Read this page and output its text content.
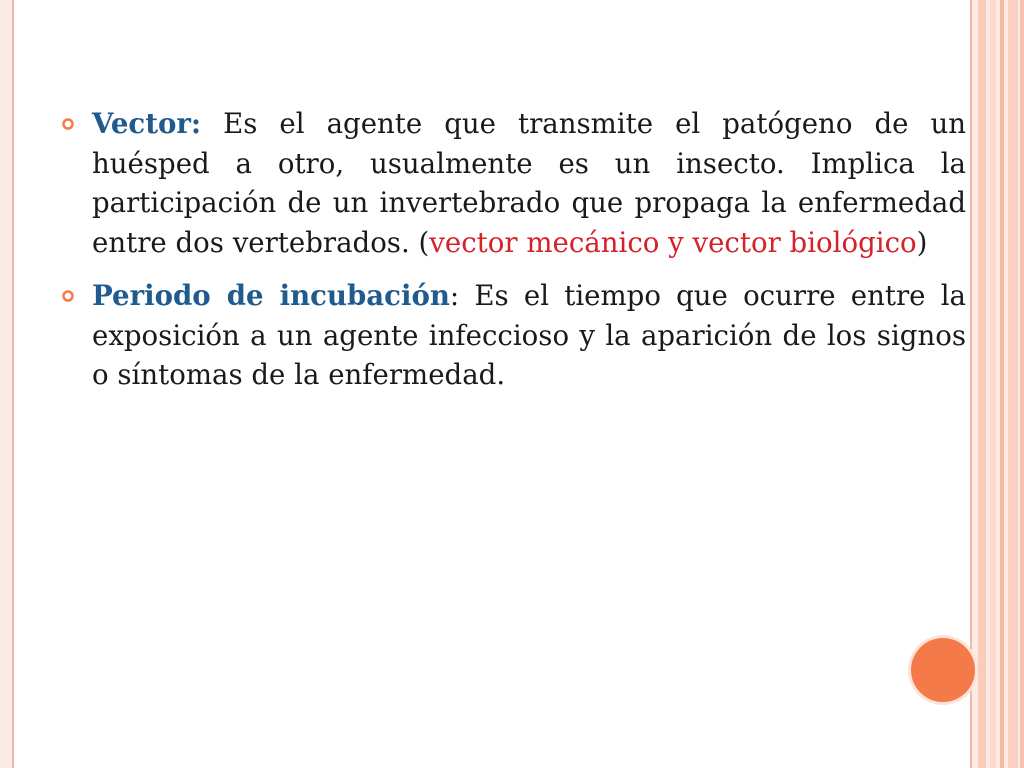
Vector: Es el agente que transmite el patógeno de un huésped a otro, usualmente es un insecto. Implica la participación de un invertebrado que propaga la enfermedad entre dos vertebrados. (vector mecánico y vector biológico)

Periodo de incubación: Es el tiempo que ocurre entre la exposición a un agente infeccioso y la aparición de los signos o síntomas de la enfermedad.
